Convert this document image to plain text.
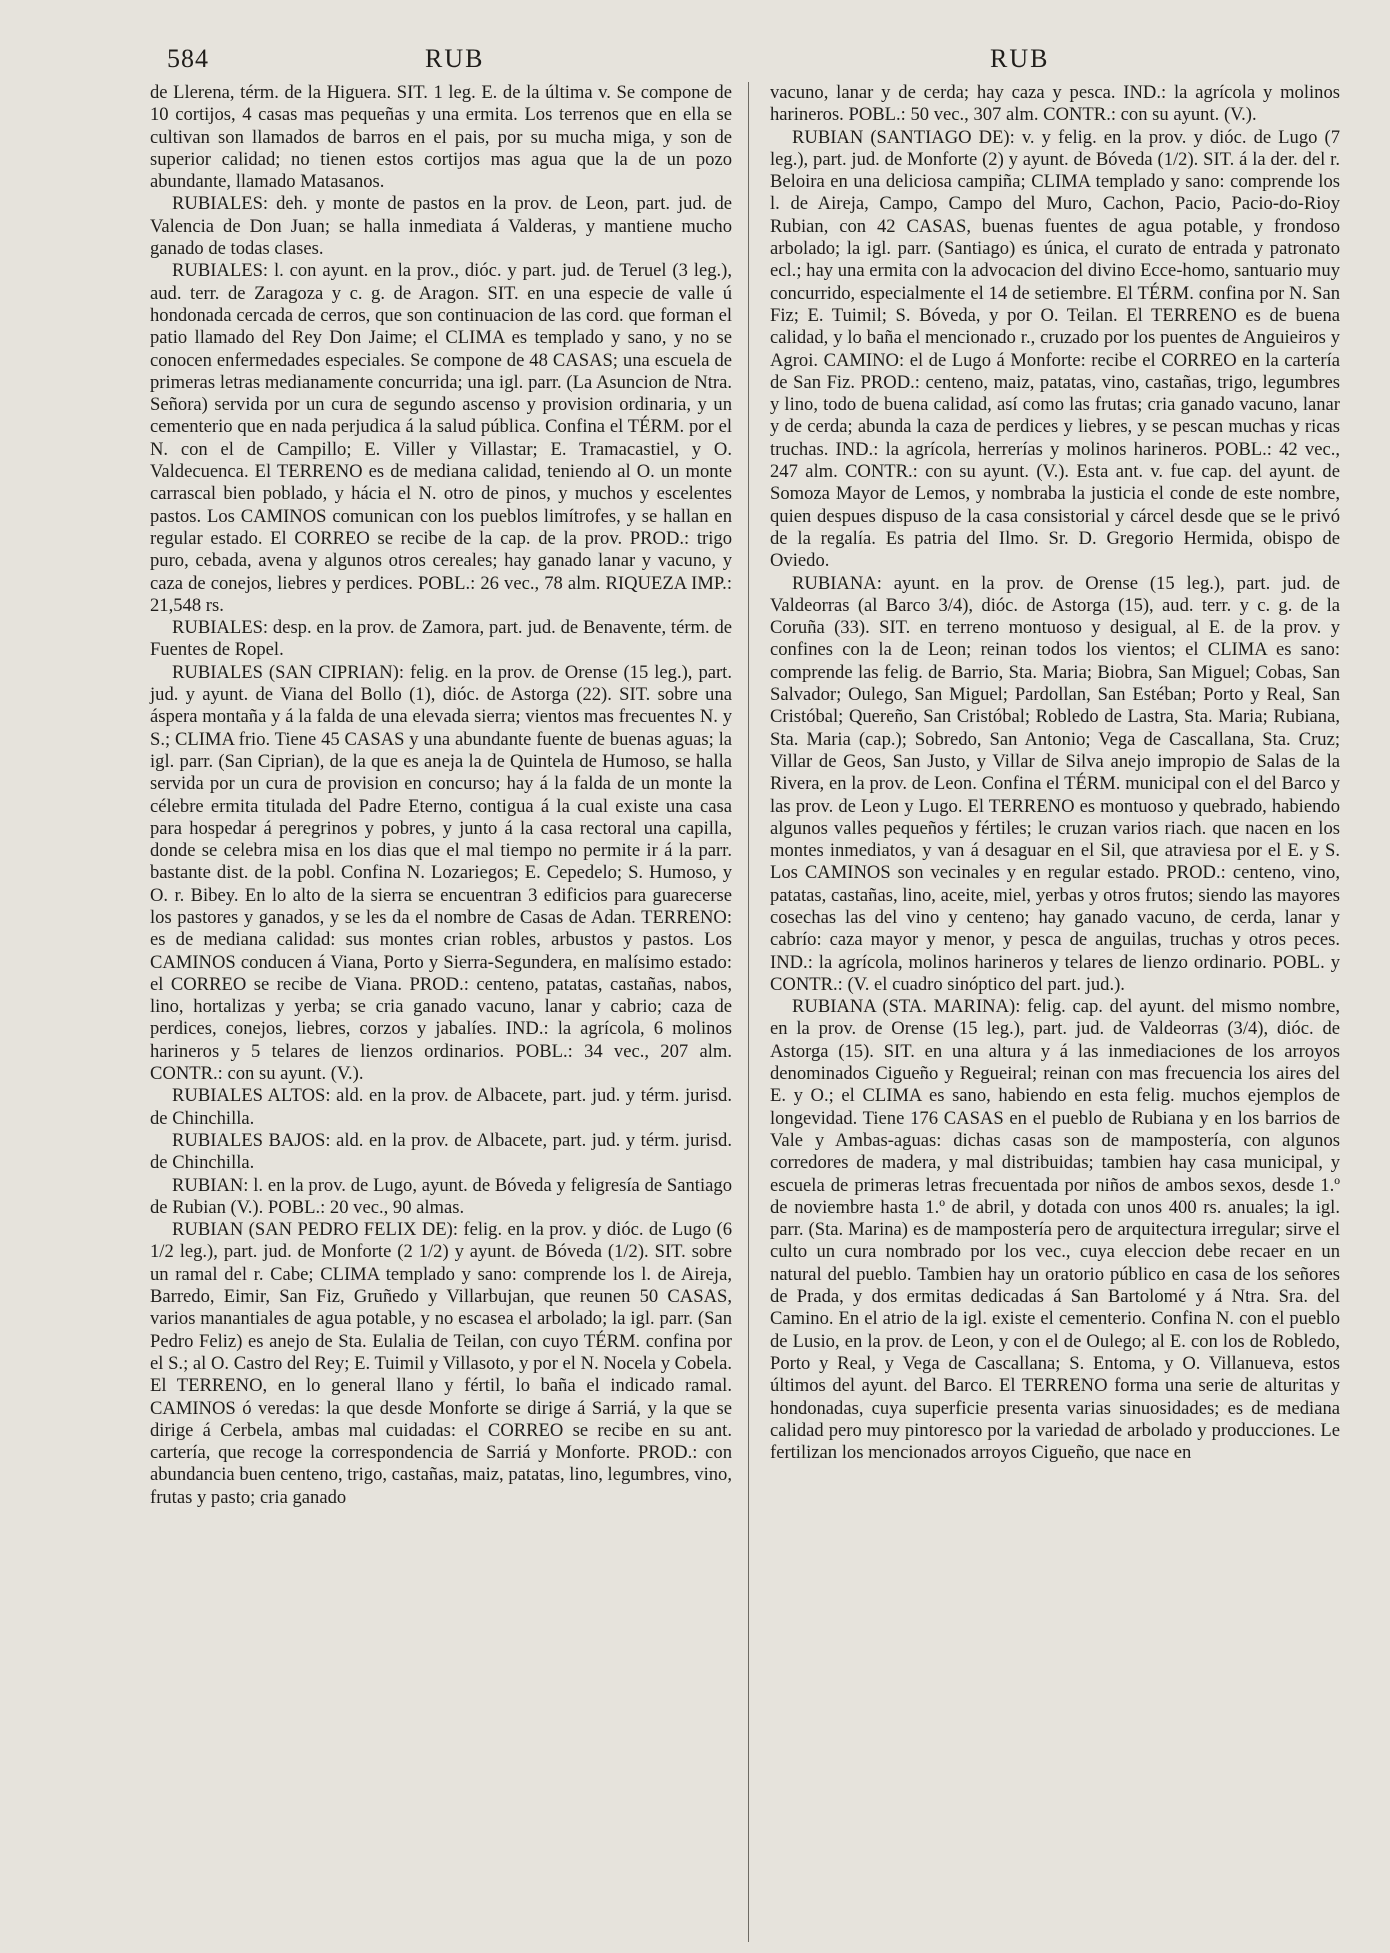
584	RUB	RUB

de Llerena, térm. de la Higuera. SIT. 1 leg. E. de la última v. Se compone de 10 cortijos, 4 casas mas pequeñas y una ermita. Los terrenos que en ella se cultivan son llamados de barros en el pais, por su mucha miga, y son de superior calidad; no tienen estos cortijos mas agua que la de un pozo abundante, llamado Matasanos.

RUBIALES: deh. y monte de pastos en la prov. de Leon, part. jud. de Valencia de Don Juan; se halla inmediata á Valderas, y mantiene mucho ganado de todas clases.

RUBIALES: l. con ayunt. en la prov., dióc. y part. jud. de Teruel (3 leg.), aud. terr. de Zaragoza y c. g. de Aragon. SIT. en una especie de valle ú hondonada cercada de cerros, que son continuacion de las cord. que forman el patio llamado del Rey Don Jaime; el CLIMA es templado y sano, y no se conocen enfermedades especiales. Se compone de 48 CASAS; una escuela de primeras letras medianamente concurrida; una igl. parr. (La Asuncion de Ntra. Señora) servida por un cura de segundo ascenso y provision ordinaria, y un cementerio que en nada perjudica á la salud pública. Confina el TÉRM. por el N. con el de Campillo; E. Viller y Villastar; E. Tramacastiel, y O. Valdecuenca. El TERRENO es de mediana calidad, teniendo al O. un monte carrascal bien poblado, y hácia el N. otro de pinos, y muchos y escelentes pastos. Los CAMINOS comunican con los pueblos limítrofes, y se hallan en regular estado. El CORREO se recibe de la cap. de la prov. PROD.: trigo puro, cebada, avena y algunos otros cereales; hay ganado lanar y vacuno, y caza de conejos, liebres y perdices. POBL.: 26 vec., 78 alm. RIQUEZA IMP.: 21,548 rs.

RUBIALES: desp. en la prov. de Zamora, part. jud. de Benavente, térm. de Fuentes de Ropel.

RUBIALES (SAN CIPRIAN): felig. en la prov. de Orense (15 leg.), part. jud. y ayunt. de Viana del Bollo (1), dióc. de Astorga (22). SIT. sobre una áspera montaña y á la falda de una elevada sierra; vientos mas frecuentes N. y S.; CLIMA frio. Tiene 45 CASAS y una abundante fuente de buenas aguas; la igl. parr. (San Ciprian), de la que es aneja la de Quintela de Humoso, se halla servida por un cura de provision en concurso; hay á la falda de un monte la célebre ermita titulada del Padre Eterno, contigua á la cual existe una casa para hospedar á peregrinos y pobres, y junto á la casa rectoral una capilla, donde se celebra misa en los dias que el mal tiempo no permite ir á la parr. bastante dist. de la pobl. Confina N. Lozariegos; E. Cepedelo; S. Humoso, y O. r. Bibey. En lo alto de la sierra se encuentran 3 edificios para guarecerse los pastores y ganados, y se les da el nombre de Casas de Adan. TERRENO: es de mediana calidad: sus montes crian robles, arbustos y pastos. Los CAMINOS conducen á Viana, Porto y Sierra-Segundera, en malísimo estado: el CORREO se recibe de Viana. PROD.: centeno, patatas, castañas, nabos, lino, hortalizas y yerba; se cria ganado vacuno, lanar y cabrio; caza de perdices, conejos, liebres, corzos y jabalíes. IND.: la agrícola, 6 molinos harineros y 5 telares de lienzos ordinarios. POBL.: 34 vec., 207 alm. CONTR.: con su ayunt. (V.).

RUBIALES ALTOS: ald. en la prov. de Albacete, part. jud. y térm. jurisd. de Chinchilla.

RUBIALES BAJOS: ald. en la prov. de Albacete, part. jud. y térm. jurisd. de Chinchilla.

RUBIAN: l. en la prov. de Lugo, ayunt. de Bóveda y feligresía de Santiago de Rubian (V.). POBL.: 20 vec., 90 almas.

RUBIAN (SAN PEDRO FELIX DE): felig. en la prov. y dióc. de Lugo (6 1/2 leg.), part. jud. de Monforte (2 1/2) y ayunt. de Bóveda (1/2). SIT. sobre un ramal del r. Cabe; CLIMA templado y sano: comprende los l. de Aireja, Barredo, Eimir, San Fiz, Gruñedo y Villarbujan, que reunen 50 CASAS, varios manantiales de agua potable, y no escasea el arbolado; la igl. parr. (San Pedro Feliz) es anejo de Sta. Eulalia de Teilan, con cuyo TÉRM. confina por el S.; al O. Castro del Rey; E. Tuimil y Villasoto, y por el N. Nocela y Cobela. El TERRENO, en lo general llano y fértil, lo baña el indicado ramal. CAMINOS ó veredas: la que desde Monforte se dirige á Sarriá, y la que se dirige á Cerbela, ambas mal cuidadas: el CORREO se recibe en su ant. cartería, que recoge la correspondencia de Sarriá y Monforte. PROD.: con abundancia buen centeno, trigo, castañas, maiz, patatas, lino, legumbres, vino, frutas y pasto; cria ganado

vacuno, lanar y de cerda; hay caza y pesca. IND.: la agrícola y molinos harineros. POBL.: 50 vec., 307 alm. CONTR.: con su ayunt. (V.).

RUBIAN (SANTIAGO DE): v. y felig. en la prov. y dióc. de Lugo (7 leg.), part. jud. de Monforte (2) y ayunt. de Bóveda (1/2). SIT. á la der. del r. Beloira en una deliciosa campiña; CLIMA templado y sano: comprende los l. de Aireja, Campo, Campo del Muro, Cachon, Pacio, Pacio-do-Rioy Rubian, con 42 CASAS, buenas fuentes de agua potable, y frondoso arbolado; la igl. parr. (Santiago) es única, el curato de entrada y patronato ecl.; hay una ermita con la advocacion del divino Ecce-homo, santuario muy concurrido, especialmente el 14 de setiembre. El TÉRM. confina por N. San Fiz; E. Tuimil; S. Bóveda, y por O. Teilan. El TERRENO es de buena calidad, y lo baña el mencionado r., cruzado por los puentes de Anguieiros y Agroi. CAMINO: el de Lugo á Monforte: recibe el CORREO en la cartería de San Fiz. PROD.: centeno, maiz, patatas, vino, castañas, trigo, legumbres y lino, todo de buena calidad, así como las frutas; cria ganado vacuno, lanar y de cerda; abunda la caza de perdices y liebres, y se pescan muchas y ricas truchas. IND.: la agrícola, herrerías y molinos harineros. POBL.: 42 vec., 247 alm. CONTR.: con su ayunt. (V.). Esta ant. v. fue cap. del ayunt. de Somoza Mayor de Lemos, y nombraba la justicia el conde de este nombre, quien despues dispuso de la casa consistorial y cárcel desde que se le privó de la regalía. Es patria del Ilmo. Sr. D. Gregorio Hermida, obispo de Oviedo.

RUBIANA: ayunt. en la prov. de Orense (15 leg.), part. jud. de Valdeorras (al Barco 3/4), dióc. de Astorga (15), aud. terr. y c. g. de la Coruña (33). SIT. en terreno montuoso y desigual, al E. de la prov. y confines con la de Leon; reinan todos los vientos; el CLIMA es sano: comprende las felig. de Barrio, Sta. Maria; Biobra, San Miguel; Cobas, San Salvador; Oulego, San Miguel; Pardollan, San Estéban; Porto y Real, San Cristóbal; Quereño, San Cristóbal; Robledo de Lastra, Sta. Maria; Rubiana, Sta. Maria (cap.); Sobredo, San Antonio; Vega de Cascallana, Sta. Cruz; Villar de Geos, San Justo, y Villar de Silva anejo impropio de Salas de la Rivera, en la prov. de Leon. Confina el TÉRM. municipal con el del Barco y las prov. de Leon y Lugo. El TERRENO es montuoso y quebrado, habiendo algunos valles pequeños y fértiles; le cruzan varios riach. que nacen en los montes inmediatos, y van á desaguar en el Sil, que atraviesa por el E. y S. Los CAMINOS son vecinales y en regular estado. PROD.: centeno, vino, patatas, castañas, lino, aceite, miel, yerbas y otros frutos; siendo las mayores cosechas las del vino y centeno; hay ganado vacuno, de cerda, lanar y cabrío: caza mayor y menor, y pesca de anguilas, truchas y otros peces. IND.: la agrícola, molinos harineros y telares de lienzo ordinario. POBL. y CONTR.: (V. el cuadro sinóptico del part. jud.).

RUBIANA (STA. MARINA): felig. cap. del ayunt. del mismo nombre, en la prov. de Orense (15 leg.), part. jud. de Valdeorras (3/4), dióc. de Astorga (15). SIT. en una altura y á las inmediaciones de los arroyos denominados Cigueño y Regueiral; reinan con mas frecuencia los aires del E. y O.; el CLIMA es sano, habiendo en esta felig. muchos ejemplos de longevidad. Tiene 176 CASAS en el pueblo de Rubiana y en los barrios de Vale y Ambas-aguas: dichas casas son de mampostería, con algunos corredores de madera, y mal distribuidas; tambien hay casa municipal, y escuela de primeras letras frecuentada por niños de ambos sexos, desde 1.º de noviembre hasta 1.º de abril, y dotada con unos 400 rs. anuales; la igl. parr. (Sta. Marina) es de mampostería pero de arquitectura irregular; sirve el culto un cura nombrado por los vec., cuya eleccion debe recaer en un natural del pueblo. Tambien hay un oratorio público en casa de los señores de Prada, y dos ermitas dedicadas á San Bartolomé y á Ntra. Sra. del Camino. En el atrio de la igl. existe el cementerio. Confina N. con el pueblo de Lusio, en la prov. de Leon, y con el de Oulego; al E. con los de Robledo, Porto y Real, y Vega de Cascallana; S. Entoma, y O. Villanueva, estos últimos del ayunt. del Barco. El TERRENO forma una serie de alturitas y hondonadas, cuya superficie presenta varias sinuosidades; es de mediana calidad pero muy pintoresco por la variedad de arbolado y producciones. Le fertilizan los mencionados arroyos Cigueño, que nace en
